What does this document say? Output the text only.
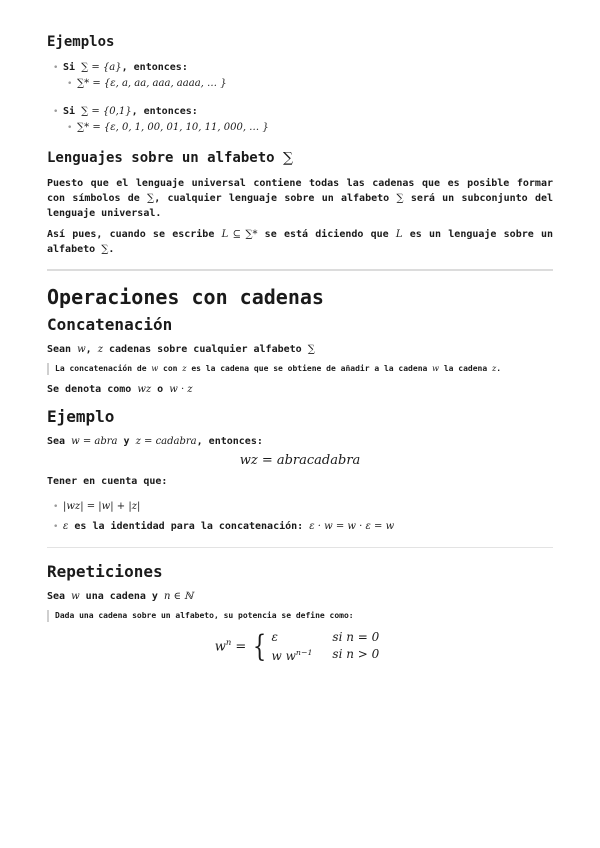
Ejemplos
• Si ∑ = {a}, entonces:
• ∑* = {ε, a, aa, aaa, aaaa, … }
• Si ∑ = {0,1}, entonces:
• ∑* = {ε, 0, 1, 00, 01, 10, 11, 000, … }
Lenguajes sobre un alfabeto ∑

Puesto que el lenguaje universal contiene todas las cadenas que es posible formar con símbolos de ∑, cualquier lenguaje sobre un alfabeto ∑ será un subconjunto del lenguaje universal.

Así pues, cuando se escribe L ⊆ ∑* se está diciendo que L es un lenguaje sobre un alfabeto ∑.

Operaciones con cadenas
Concatenación

Sean w, z cadenas sobre cualquier alfabeto ∑

La concatenación de w con z es la cadena que se obtiene de añadir a la cadena w la cadena z.

Se denota como wz o w · z

Ejemplo

Sea w = abra y z = cadabra, entonces:

wz = abracadabra

Tener en cuenta que:

• |wz| = |w| + |z|
• ε es la identidad para la concatenación: ε · w = w · ε = w
Repeticiones

Sea w una cadena y n ∈ ℕ

Dada una cadena sobre un alfabeto, su potencia se define como:
$w^n$ = { ε	si n = 0
w $w^{n-1}$	si n > 0
